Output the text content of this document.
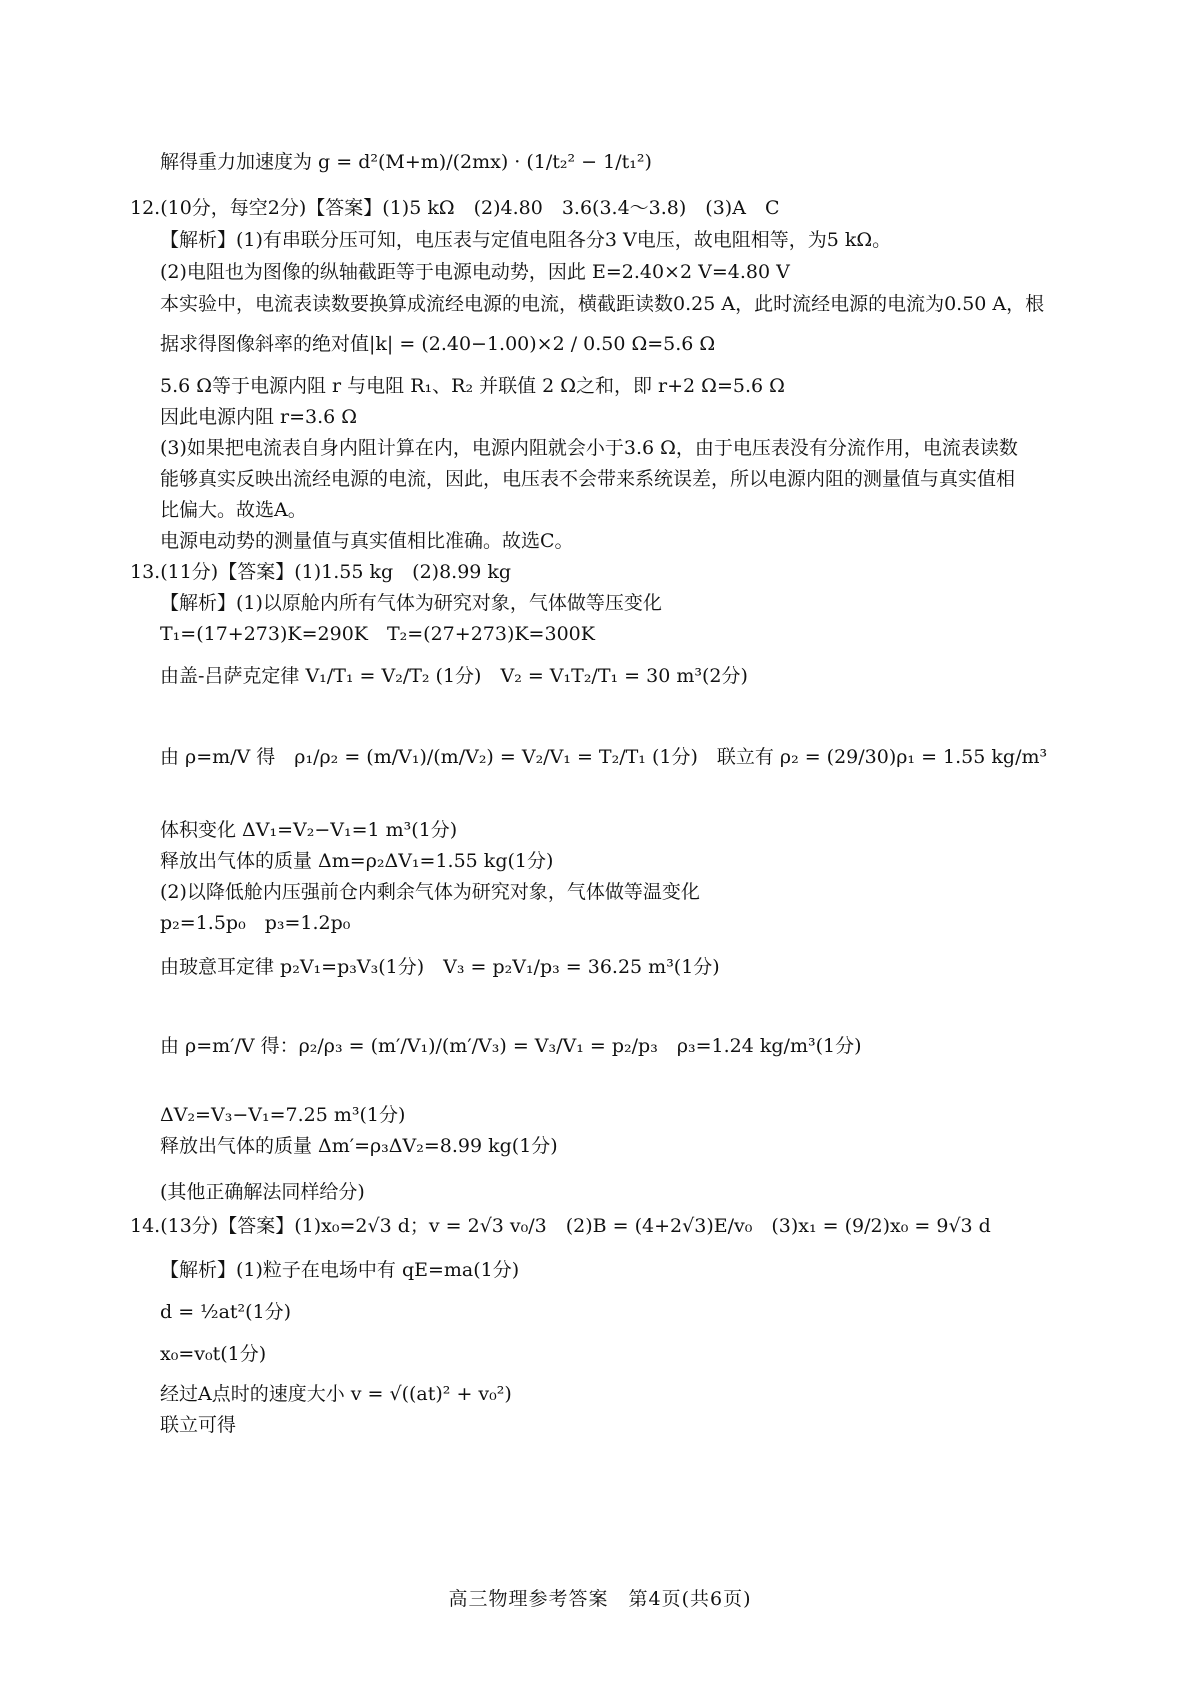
解得重力加速度为 g = d²(M+m)/(2mx) · (1/t₂² − 1/t₁²)
12.(10分，每空2分)【答案】(1)5 kΩ　(2)4.80　3.6(3.4～3.8)　(3)A　C
【解析】(1)有串联分压可知，电压表与定值电阻各分3 V电压，故电阻相等，为5 kΩ。
(2)电阻也为图像的纵轴截距等于电源电动势，因此 E=2.40×2 V=4.80 V
本实验中，电流表读数要换算成流经电源的电流，横截距读数0.25 A，此时流经电源的电流为0.50 A，根
据求得图像斜率的绝对值|k| = (2.40−1.00)×2 / 0.50 Ω=5.6 Ω
5.6 Ω等于电源内阻 r 与电阻 R₁、R₂ 并联值 2 Ω之和，即 r+2 Ω=5.6 Ω
因此电源内阻 r=3.6 Ω
(3)如果把电流表自身内阻计算在内，电源内阻就会小于3.6 Ω，由于电压表没有分流作用，电流表读数
能够真实反映出流经电源的电流，因此，电压表不会带来系统误差，所以电源内阻的测量值与真实值相
比偏大。故选A。
电源电动势的测量值与真实值相比准确。故选C。
13.(11分)【答案】(1)1.55 kg　(2)8.99 kg
【解析】(1)以原舱内所有气体为研究对象，气体做等压变化
T₁=(17+273)K=290K　T₂=(27+273)K=300K
由盖-吕萨克定律 V₁/T₁ = V₂/T₂ (1分)　V₂ = V₁T₂/T₁ = 30 m³(2分)
由 ρ=m/V 得　ρ₁/ρ₂ = (m/V₁)/(m/V₂) = V₂/V₁ = T₂/T₁ (1分)　联立有 ρ₂ = (29/30)ρ₁ = 1.55 kg/m³
体积变化 ΔV₁=V₂−V₁=1 m³(1分)
释放出气体的质量 Δm=ρ₂ΔV₁=1.55 kg(1分)
(2)以降低舱内压强前仓内剩余气体为研究对象，气体做等温变化
p₂=1.5p₀　p₃=1.2p₀
由玻意耳定律 p₂V₁=p₃V₃(1分)　V₃ = p₂V₁/p₃ = 36.25 m³(1分)
由 ρ=m′/V 得：ρ₂/ρ₃ = (m′/V₁)/(m′/V₃) = V₃/V₁ = p₂/p₃　ρ₃=1.24 kg/m³(1分)
ΔV₂=V₃−V₁=7.25 m³(1分)
释放出气体的质量 Δm′=ρ₃ΔV₂=8.99 kg(1分)
(其他正确解法同样给分)
14.(13分)【答案】(1)x₀=2√3 d；v = 2√3 v₀/3　(2)B = (4+2√3)E/v₀　(3)x₁ = (9/2)x₀ = 9√3 d
【解析】(1)粒子在电场中有 qE=ma(1分)
d = ½at²(1分)
x₀=v₀t(1分)
经过A点时的速度大小 v = √((at)² + v₀²)
联立可得
高三物理参考答案　第4页(共6页)
